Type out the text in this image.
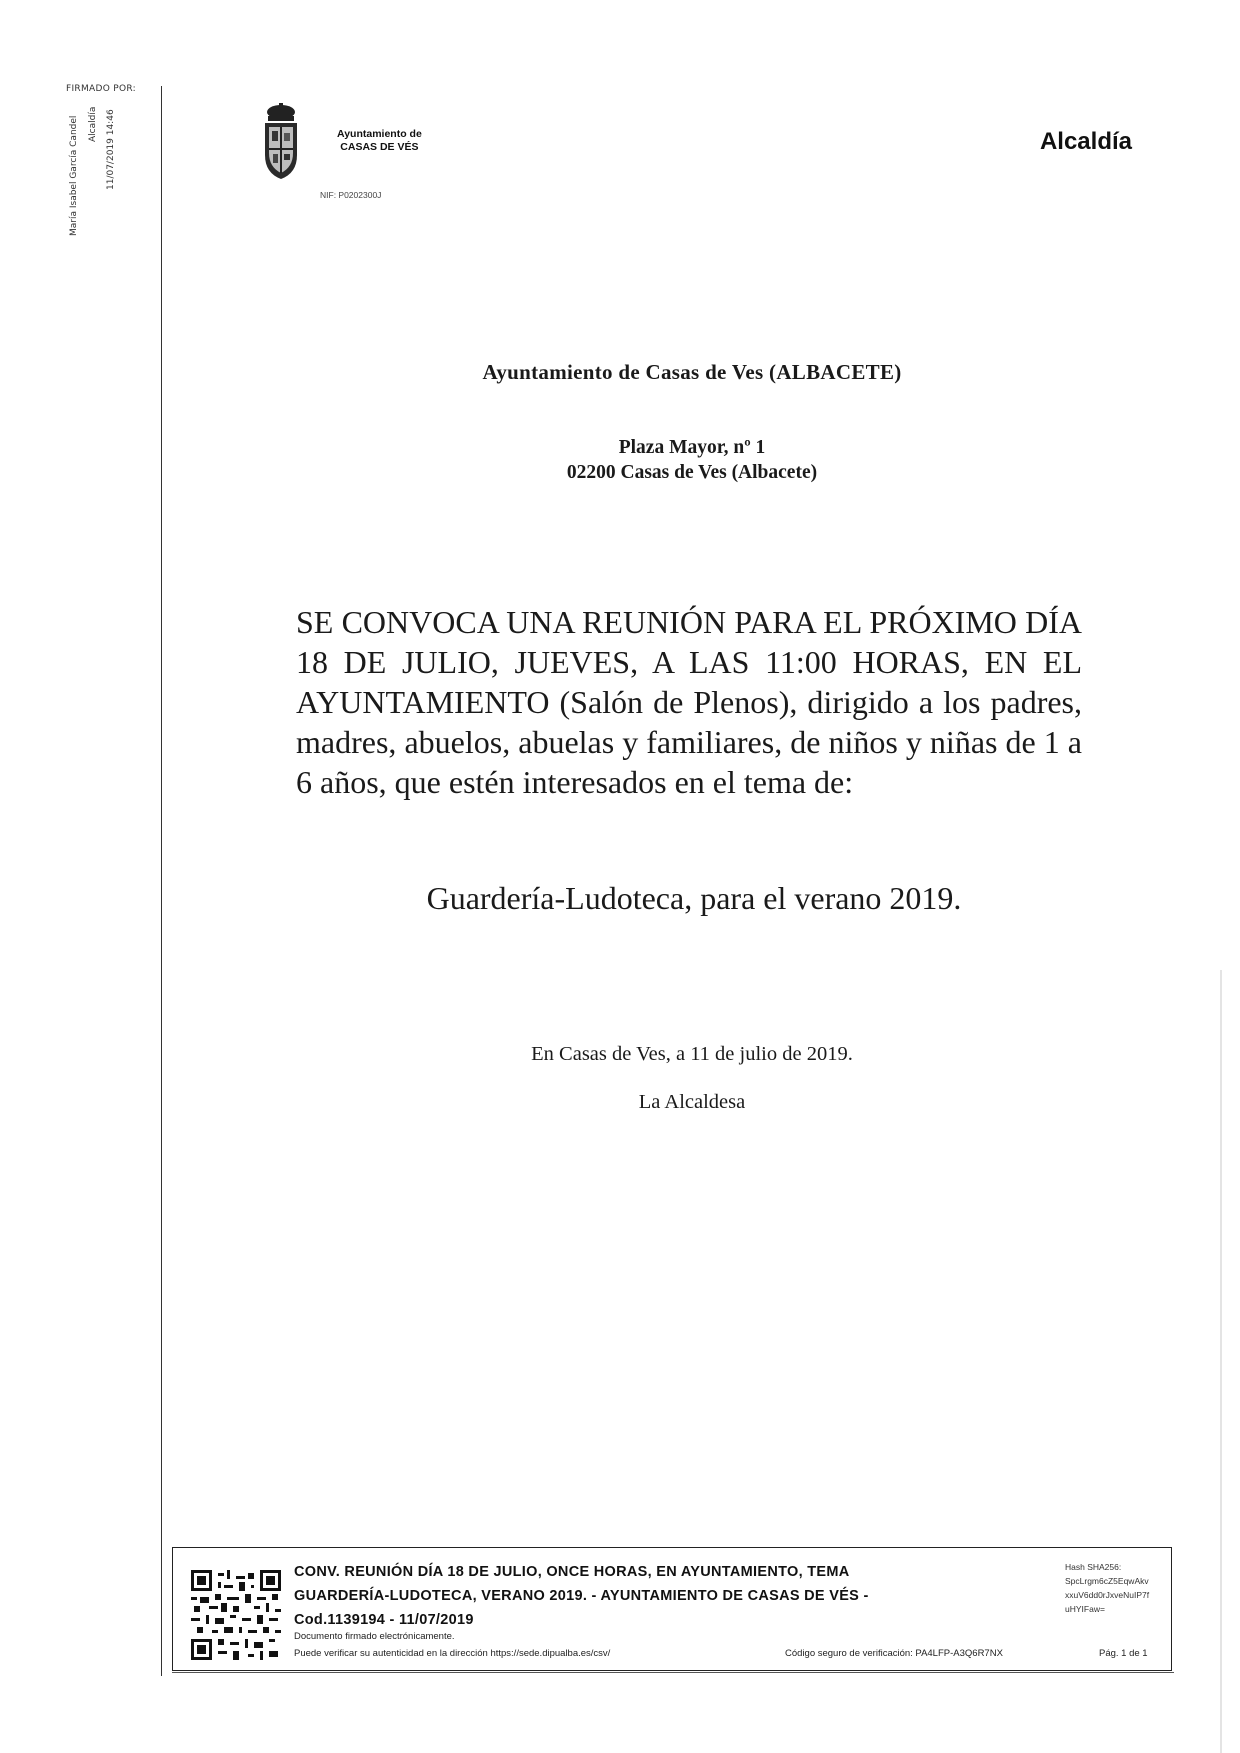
FIRMADO POR:
María Isabel García Candel Alcaldía 11/07/2019 14:46	Ayuntamiento de
CASAS DE VÉS
NIF: P0202300J
Alcaldía
Ayuntamiento de Casas de Ves (ALBACETE)
Plaza Mayor, nº 1
02200 Casas de Ves (Albacete)
SE CONVOCA UNA REUNIÓN PARA EL PRÓXIMO DÍA 18 DE JULIO, JUEVES, A LAS 11:00 HORAS, EN EL AYUNTAMIENTO (Salón de Plenos), dirigido a los padres, madres, abuelos, abuelas y familiares, de niños y niñas de 1 a 6 años, que estén interesados en el tema de:
Guardería-Ludoteca, para el verano 2019.
En Casas de Ves, a 11 de julio de 2019.
La Alcaldesa
CONV. REUNIÓN DÍA 18 DE JULIO, ONCE HORAS, EN AYUNTAMIENTO, TEMA GUARDERÍA-LUDOTECA, VERANO 2019. - AYUNTAMIENTO DE CASAS DE VÉS - Cod.1139194 - 11/07/2019
Documento firmado electrónicamente.
Puede verificar su autenticidad en la dirección https://sede.dipualba.es/csv/	Código seguro de verificación: PA4LFP-A3Q6R7NX	Pág. 1 de 1
Hash SHA256:
SpcLrgm6cZ5EqwAkv
xxuV6dd0rJxveNuIP7f
uHYIFaw=
